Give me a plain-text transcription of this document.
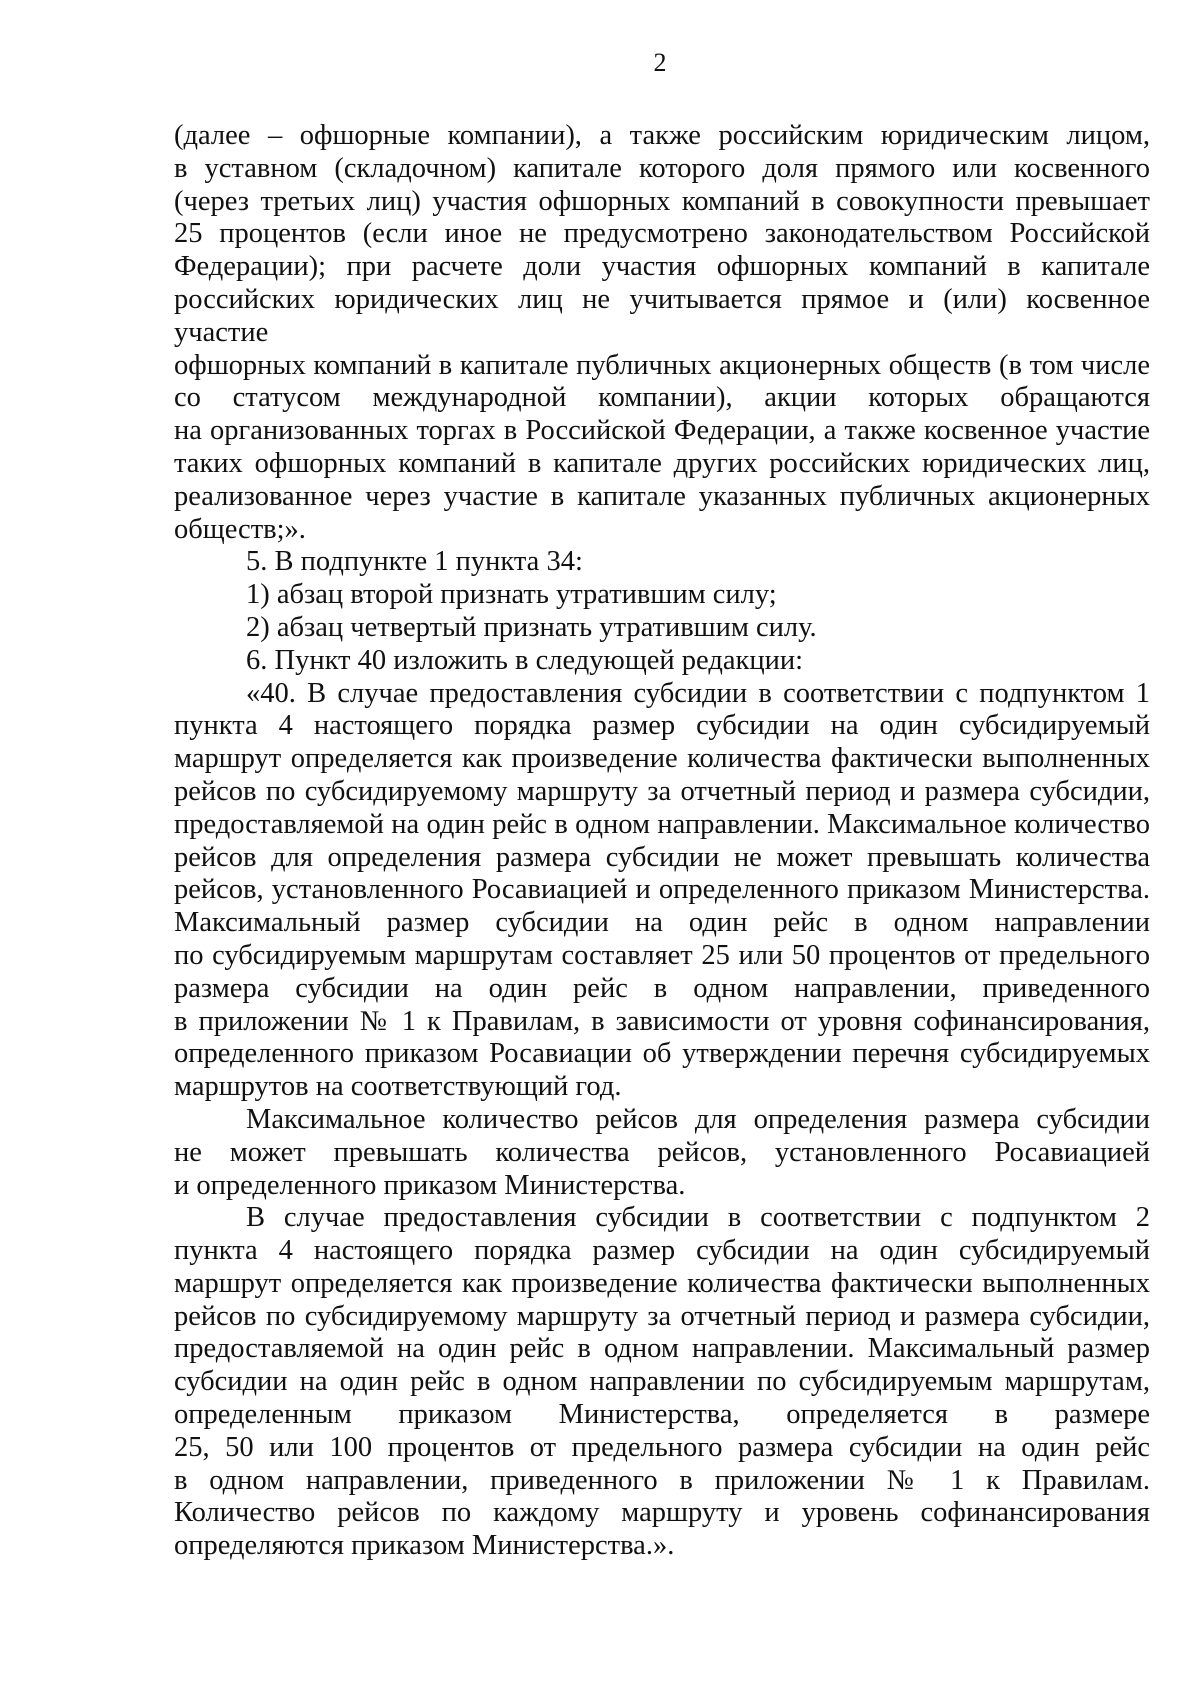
2
(далее – офшорные компании), а также российским юридическим лицом,
в уставном (складочном) капитале которого доля прямого или косвенного
(через третьих лиц) участия офшорных компаний в совокупности превышает
25 процентов (если иное не предусмотрено законодательством Российской
Федерации); при расчете доли участия офшорных компаний в капитале
российских юридических лиц не учитывается прямое и (или) косвенное участие
офшорных компаний в капитале публичных акционерных обществ (в том числе
со статусом международной компании), акции которых обращаются
на организованных торгах в Российской Федерации, а также косвенное участие
таких офшорных компаний в капитале других российских юридических лиц,
реализованное через участие в капитале указанных публичных акционерных
обществ;».
5. В подпункте 1 пункта 34:
1) абзац второй признать утратившим силу;
2) абзац четвертый признать утратившим силу.
6. Пункт 40 изложить в следующей редакции:
«40. В случае предоставления субсидии в соответствии с подпунктом 1
пункта 4 настоящего порядка размер субсидии на один субсидируемый
маршрут определяется как произведение количества фактически выполненных
рейсов по субсидируемому маршруту за отчетный период и размера субсидии,
предоставляемой на один рейс в одном направлении. Максимальное количество
рейсов для определения размера субсидии не может превышать количества
рейсов, установленного Росавиацией и определенного приказом Министерства.
Максимальный размер субсидии на один рейс в одном направлении
по субсидируемым маршрутам составляет 25 или 50 процентов от предельного
размера субсидии на один рейс в одном направлении, приведенного
в приложении № 1 к Правилам, в зависимости от уровня софинансирования,
определенного приказом Росавиации об утверждении перечня субсидируемых
маршрутов на соответствующий год.
Максимальное количество рейсов для определения размера субсидии
не может превышать количества рейсов, установленного Росавиацией
и определенного приказом Министерства.
В случае предоставления субсидии в соответствии с подпунктом 2
пункта 4 настоящего порядка размер субсидии на один субсидируемый
маршрут определяется как произведение количества фактически выполненных
рейсов по субсидируемому маршруту за отчетный период и размера субсидии,
предоставляемой на один рейс в одном направлении. Максимальный размер
субсидии на один рейс в одном направлении по субсидируемым маршрутам,
определенным приказом Министерства, определяется в размере
25, 50 или 100 процентов от предельного размера субсидии на один рейс
в одном направлении, приведенного в приложении № 1 к Правилам.
Количество рейсов по каждому маршруту и уровень софинансирования
определяются приказом Министерства.».
